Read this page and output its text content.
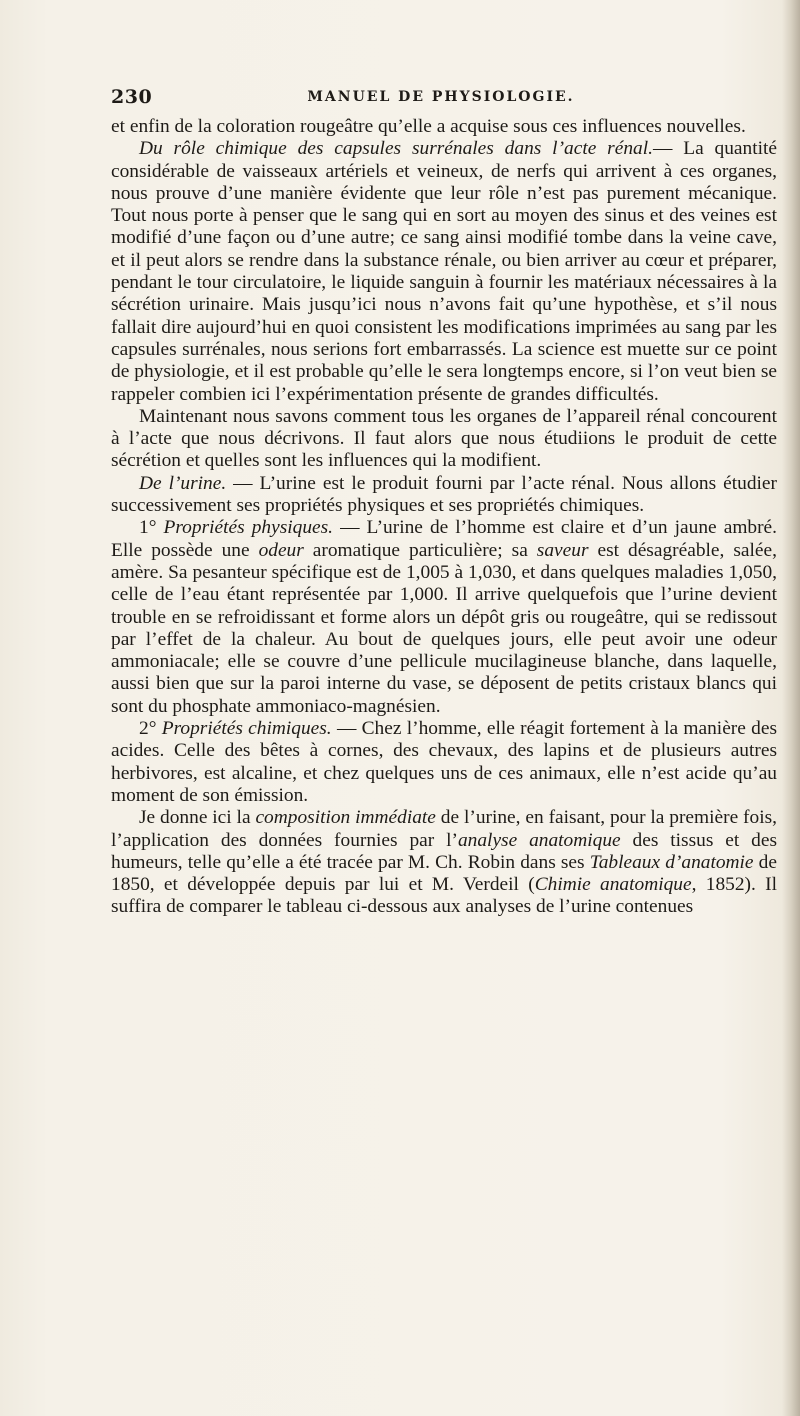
230	MANUEL DE PHYSIOLOGIE.

et enfin de la coloration rougeâtre qu’elle a acquise sous ces influences nouvelles.

Du rôle chimique des capsules surrénales dans l’acte rénal.— La quantité considérable de vaisseaux artériels et veineux, de nerfs qui arrivent à ces organes, nous prouve d’une manière évidente que leur rôle n’est pas purement mécanique. Tout nous porte à penser que le sang qui en sort au moyen des sinus et des veines est modifié d’une façon ou d’une autre; ce sang ainsi modifié tombe dans la veine cave, et il peut alors se rendre dans la substance rénale, ou bien arriver au cœur et préparer, pendant le tour circulatoire, le liquide sanguin à fournir les matériaux nécessaires à la sécrétion urinaire. Mais jusqu’ici nous n’avons fait qu’une hypothèse, et s’il nous fallait dire aujourd’hui en quoi consistent les modifications imprimées au sang par les capsules surrénales, nous serions fort embarrassés. La science est muette sur ce point de physiologie, et il est probable qu’elle le sera longtemps encore, si l’on veut bien se rappeler combien ici l’expérimentation présente de grandes difficultés.

Maintenant nous savons comment tous les organes de l’appareil rénal concourent à l’acte que nous décrivons. Il faut alors que nous étudiions le produit de cette sécrétion et quelles sont les influences qui la modifient.

De l’urine. — L’urine est le produit fourni par l’acte rénal. Nous allons étudier successivement ses propriétés physiques et ses propriétés chimiques.

1° Propriétés physiques. — L’urine de l’homme est claire et d’un jaune ambré. Elle possède une odeur aromatique particulière; sa saveur est désagréable, salée, amère. Sa pesanteur spécifique est de 1,005 à 1,030, et dans quelques maladies 1,050, celle de l’eau étant représentée par 1,000. Il arrive quelquefois que l’urine devient trouble en se refroidissant et forme alors un dépôt gris ou rougeâtre, qui se redissout par l’effet de la chaleur. Au bout de quelques jours, elle peut avoir une odeur ammoniacale; elle se couvre d’une pellicule mucilagineuse blanche, dans laquelle, aussi bien que sur la paroi interne du vase, se déposent de petits cristaux blancs qui sont du phosphate ammoniaco-magnésien.

2° Propriétés chimiques. — Chez l’homme, elle réagit fortement à la manière des acides. Celle des bêtes à cornes, des chevaux, des lapins et de plusieurs autres herbivores, est alcaline, et chez quelques uns de ces animaux, elle n’est acide qu’au moment de son émission.

Je donne ici la composition immédiate de l’urine, en faisant, pour la première fois, l’application des données fournies par l’analyse anatomique des tissus et des humeurs, telle qu’elle a été tracée par M. Ch. Robin dans ses Tableaux d’anatomie de 1850, et développée depuis par lui et M. Verdeil (Chimie anatomique, 1852). Il suffira de comparer le tableau ci-dessous aux analyses de l’urine contenues
